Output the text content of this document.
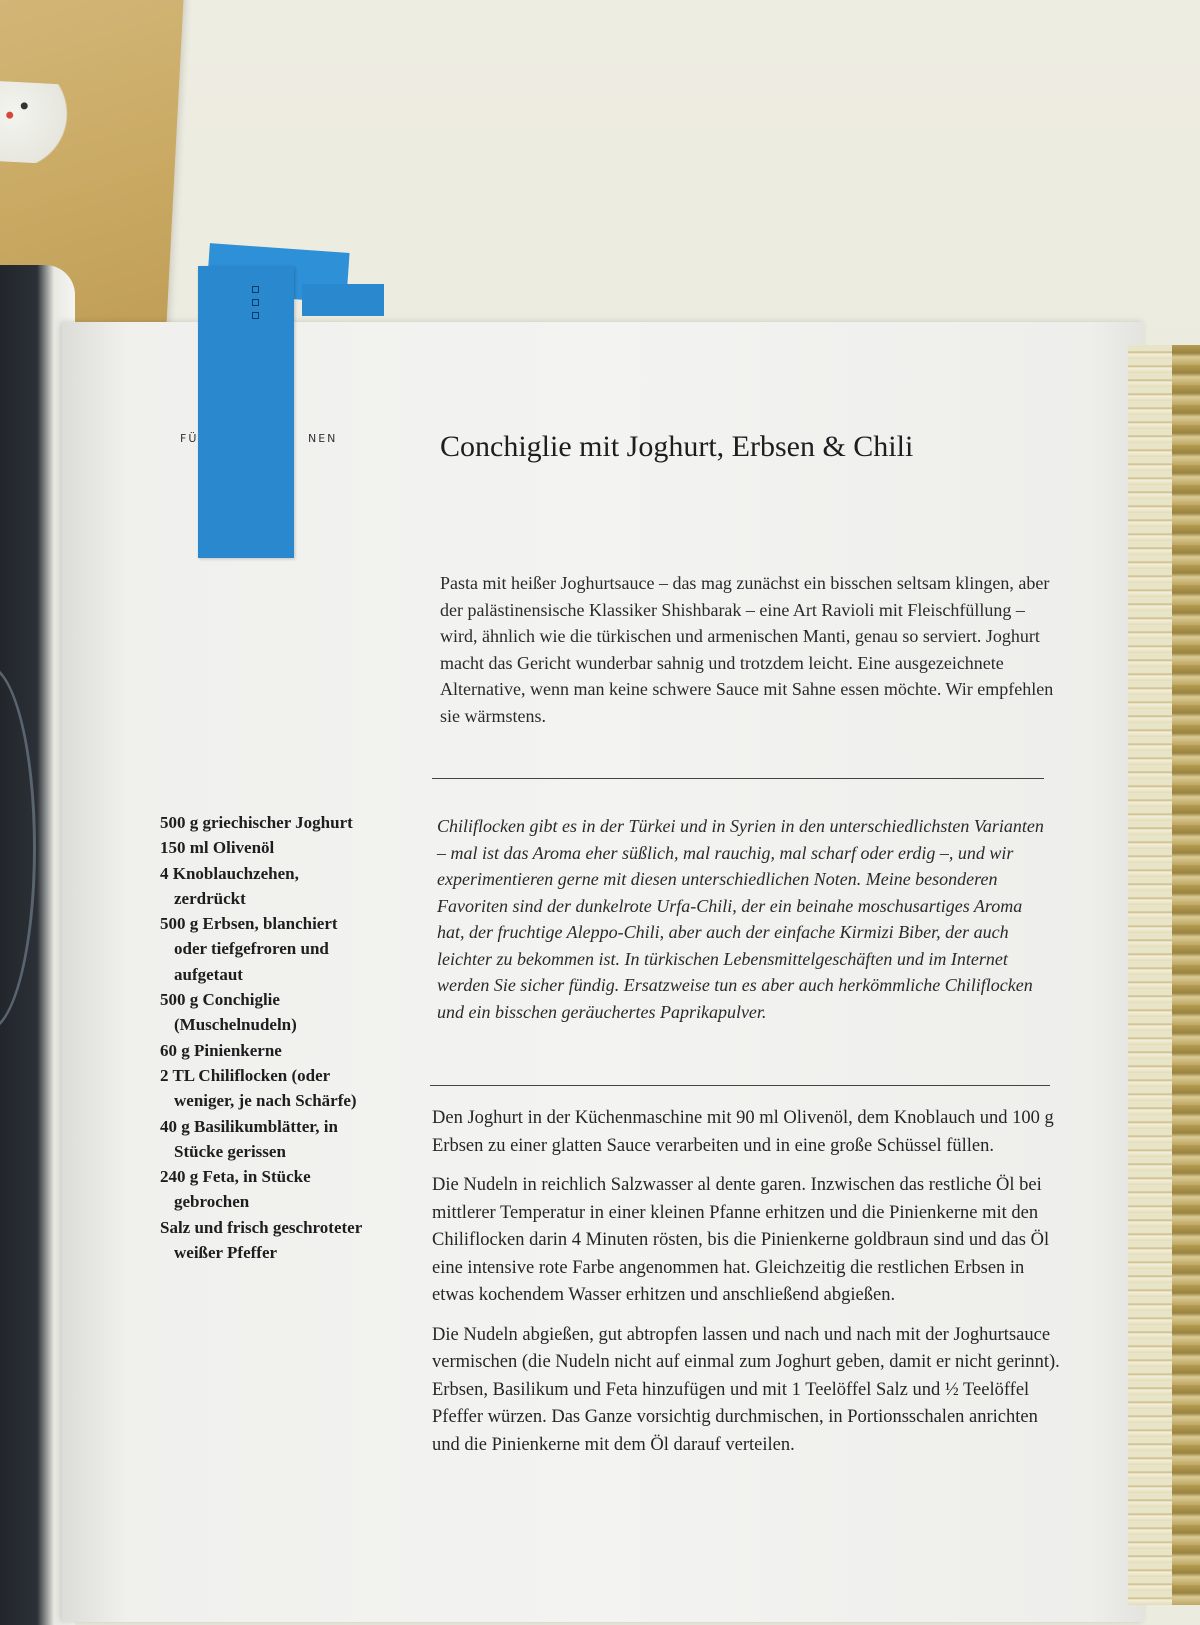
FÜ	NEN	Conchiglie mit Joghurt, Erbsen & Chili
Pasta mit heißer Joghurtsauce – das mag zunächst ein bisschen seltsam klingen, aber der palästinensische Klassiker Shishbarak – eine Art Ravioli mit Fleischfüllung – wird, ähnlich wie die türkischen und armenischen Manti, genau so serviert. Joghurt macht das Gericht wunderbar sahnig und trotzdem leicht. Eine ausgezeichnete Alternative, wenn man keine schwere Sauce mit Sahne essen möchte. Wir empfehlen sie wärmstens.
Chiliflocken gibt es in der Türkei und in Syrien in den unterschiedlichsten Varianten – mal ist das Aroma eher süßlich, mal rauchig, mal scharf oder erdig –, und wir experimentieren gerne mit diesen unterschiedlichen Noten. Meine besonderen Favoriten sind der dunkelrote Urfa-Chili, der ein beinahe moschusartiges Aroma hat, der fruchtige Aleppo-Chili, aber auch der einfache Kirmizi Biber, der auch leichter zu bekommen ist. In türkischen Lebensmittelgeschäften und im Internet werden Sie sicher fündig. Ersatzweise tun es aber auch herkömmliche Chiliflocken und ein bisschen geräuchertes Paprikapulver.
500 g griechischer Joghurt
150 ml Olivenöl
4 Knoblauchzehen,
zerdrückt
500 g Erbsen, blanchiert
oder tiefgefroren und
aufgetaut
500 g Conchiglie
(Muschelnudeln)
60 g Pinienkerne
2 TL Chiliflocken (oder
weniger, je nach Schärfe)
40 g Basilikumblätter, in
Stücke gerissen
240 g Feta, in Stücke
gebrochen
Salz und frisch geschroteter
weißer Pfeffer

Den Joghurt in der Küchenmaschine mit 90 ml Olivenöl, dem Knoblauch und 100 g Erbsen zu einer glatten Sauce verarbeiten und in eine große Schüssel füllen.

Die Nudeln in reichlich Salzwasser al dente garen. Inzwischen das restliche Öl bei mittlerer Temperatur in einer kleinen Pfanne erhitzen und die Pinienkerne mit den Chiliflocken darin 4 Minuten rösten, bis die Pinienkerne goldbraun sind und das Öl eine intensive rote Farbe angenommen hat. Gleichzeitig die restlichen Erbsen in etwas kochendem Wasser erhitzen und anschließend abgießen.

Die Nudeln abgießen, gut abtropfen lassen und nach und nach mit der Joghurtsauce vermischen (die Nudeln nicht auf einmal zum Joghurt geben, damit er nicht gerinnt). Erbsen, Basilikum und Feta hinzufügen und mit 1 Teelöffel Salz und ½ Teelöffel Pfeffer würzen. Das Ganze vorsichtig durchmischen, in Portionsschalen anrichten und die Pinienkerne mit dem Öl darauf verteilen.
